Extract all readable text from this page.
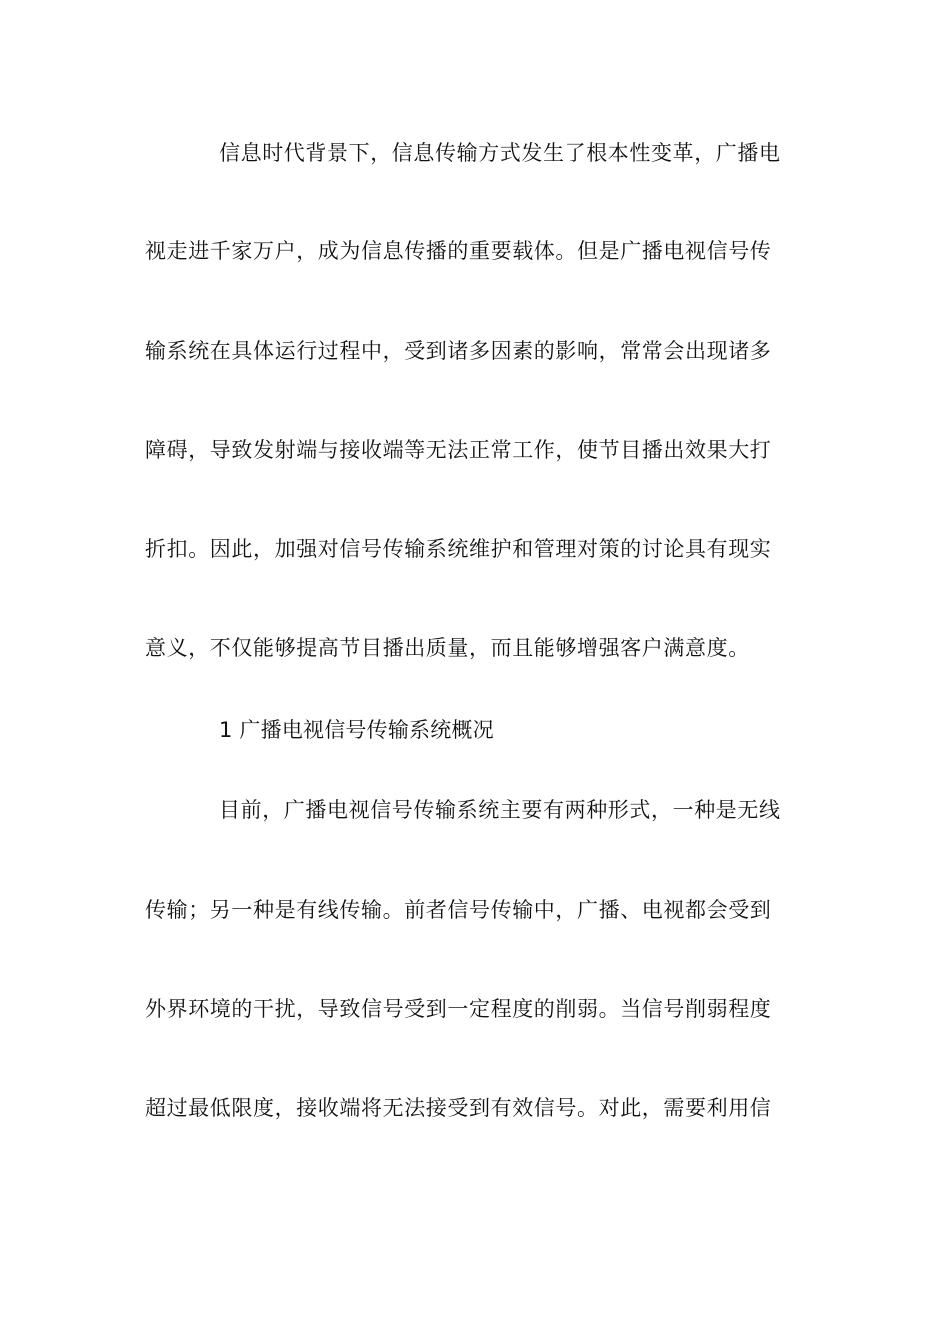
信息时代背景下，信息传输方式发生了根本性变革，广播电
视走进千家万户，成为信息传播的重要载体。但是广播电视信号传
输系统在具体运行过程中，受到诸多因素的影响，常常会出现诸多
障碍，导致发射端与接收端等无法正常工作，使节目播出效果大打
折扣。因此，加强对信号传输系统维护和管理对策的讨论具有现实
意义，不仅能够提高节目播出质量，而且能够增强客户满意度。
1 广播电视信号传输系统概况
目前，广播电视信号传输系统主要有两种形式，一种是无线
传输；另一种是有线传输。前者信号传输中，广播、电视都会受到
外界环境的干扰，导致信号受到一定程度的削弱。当信号削弱程度
超过最低限度，接收端将无法接受到有效信号。对此，需要利用信
